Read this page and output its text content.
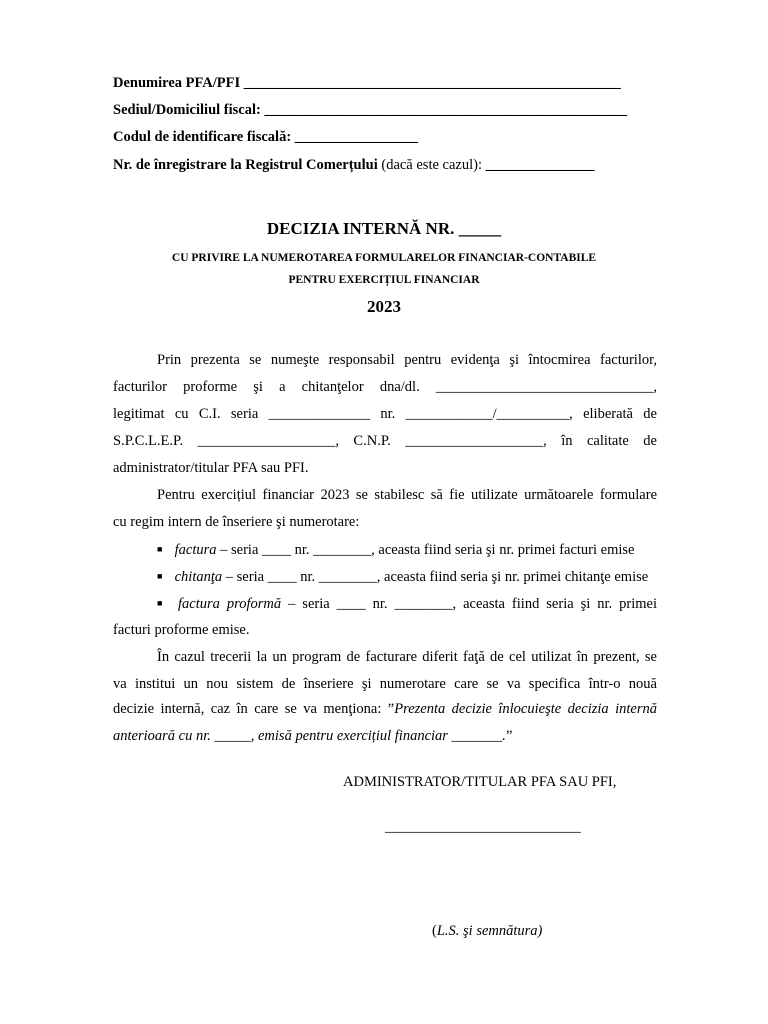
Denumirea PFA/PFI ____________________________________________________
Sediul/Domiciliul fiscal: __________________________________________________
Codul de identificare fiscală: _________________
Nr. de înregistrare la Registrul Comerțului (dacă este cazul): _______________
DECIZIA INTERNĂ NR. _____
CU PRIVIRE LA NUMEROTAREA FORMULARELOR FINANCIAR-CONTABILE
PENTRU EXERCIȚIUL FINANCIAR
2023
Prin prezenta se numeşte responsabil pentru evidenţa şi întocmirea facturilor,
facturilor proforme şi a chitanţelor dna/dl. ______________________________,
legitimat cu C.I. seria ______________ nr. ____________/__________, eliberată de
S.P.C.L.E.P. ___________________, C.N.P. ___________________, în calitate de
administrator/titular PFA sau PFI.
Pentru exercițiul financiar 2023 se stabilesc să fie utilizate următoarele formulare
cu regim intern de înseriere şi numerotare:
■ factura – seria ____ nr. ________, aceasta fiind seria şi nr. primei facturi emise
■ chitanţa – seria ____ nr. ________, aceasta fiind seria şi nr. primei chitanţe emise
■ factura proformă – seria ____ nr. ________, aceasta fiind seria şi nr. primei
facturi proforme emise.
În cazul trecerii la un program de facturare diferit faţă de cel utilizat în prezent, se
va institui un nou sistem de înseriere şi numerotare care se va specifica într-o nouă
decizie internă, caz în care se va menţiona: ”Prezenta decizie înlocuieşte decizia internă
anterioară cu nr. _____, emisă pentru exercițiul financiar _______.”
ADMINISTRATOR/TITULAR PFA SAU PFI,
___________________________
(L.S. şi semnătura)
